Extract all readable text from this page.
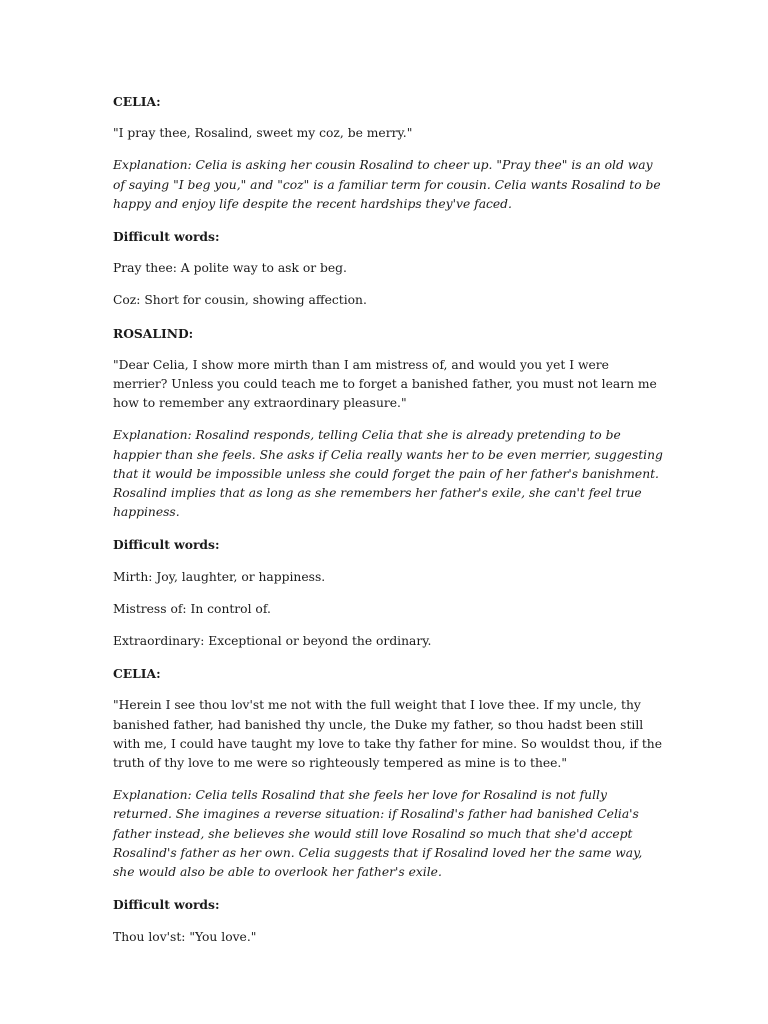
CELIA:

"I pray thee, Rosalind, sweet my coz, be merry."

Explanation: Celia is asking her cousin Rosalind to cheer up. "Pray thee" is an old way of saying "I beg you," and "coz" is a familiar term for cousin. Celia wants Rosalind to be happy and enjoy life despite the recent hardships they've faced.

Difficult words:

Pray thee: A polite way to ask or beg.

Coz: Short for cousin, showing affection.

ROSALIND:

"Dear Celia, I show more mirth than I am mistress of, and would you yet I were merrier? Unless you could teach me to forget a banished father, you must not learn me how to remember any extraordinary pleasure."

Explanation: Rosalind responds, telling Celia that she is already pretending to be happier than she feels. She asks if Celia really wants her to be even merrier, suggesting that it would be impossible unless she could forget the pain of her father's banishment. Rosalind implies that as long as she remembers her father's exile, she can't feel true happiness.

Difficult words:

Mirth: Joy, laughter, or happiness.

Mistress of: In control of.

Extraordinary: Exceptional or beyond the ordinary.

CELIA:

"Herein I see thou lov'st me not with the full weight that I love thee. If my uncle, thy banished father, had banished thy uncle, the Duke my father, so thou hadst been still with me, I could have taught my love to take thy father for mine. So wouldst thou, if the truth of thy love to me were so righteously tempered as mine is to thee."

Explanation: Celia tells Rosalind that she feels her love for Rosalind is not fully returned. She imagines a reverse situation: if Rosalind's father had banished Celia's father instead, she believes she would still love Rosalind so much that she'd accept Rosalind's father as her own. Celia suggests that if Rosalind loved her the same way, she would also be able to overlook her father's exile.

Difficult words:

Thou lov'st: "You love."
